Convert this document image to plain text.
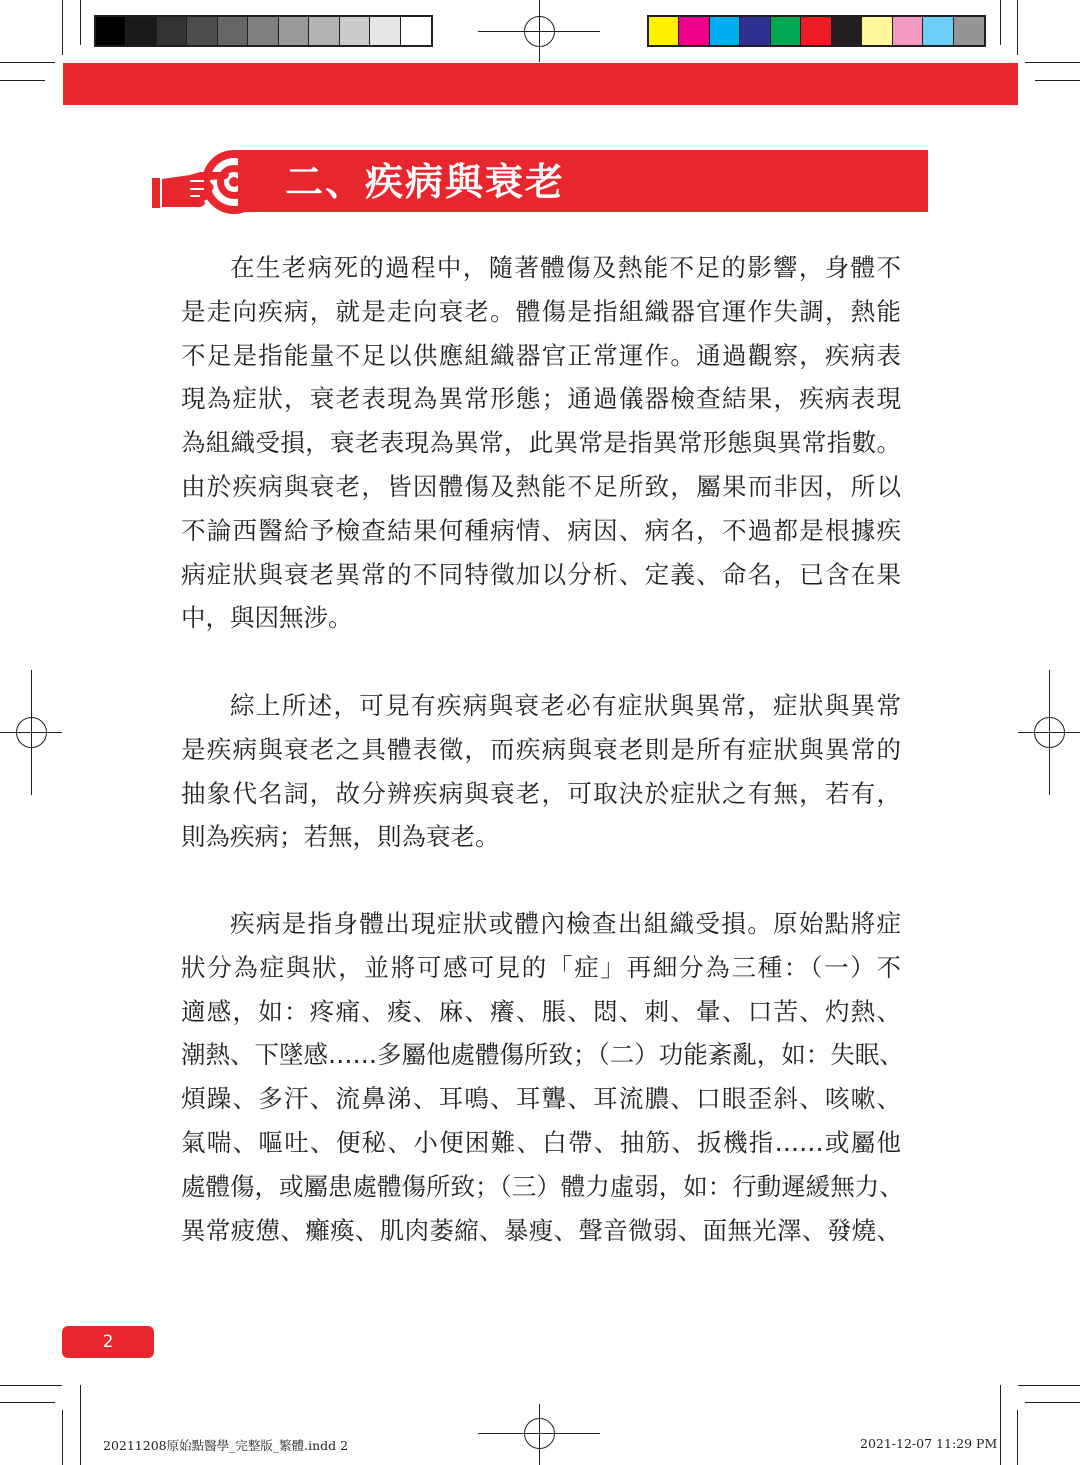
二、疾病與衰老
在生老病死的過程中，隨著體傷及熱能不足的影響，身體不
是走向疾病，就是走向衰老。體傷是指組織器官運作失調，熱能
不足是指能量不足以供應組織器官正常運作。通過觀察，疾病表
現為症狀，衰老表現為異常形態；通過儀器檢查結果，疾病表現
為組織受損，衰老表現為異常，此異常是指異常形態與異常指數。
由於疾病與衰老，皆因體傷及熱能不足所致，屬果而非因，所以
不論西醫給予檢查結果何種病情、病因、病名，不過都是根據疾
病症狀與衰老異常的不同特徵加以分析、定義、命名，已含在果
中，與因無涉。
綜上所述，可見有疾病與衰老必有症狀與異常，症狀與異常
是疾病與衰老之具體表徵，而疾病與衰老則是所有症狀與異常的
抽象代名詞，故分辨疾病與衰老，可取決於症狀之有無，若有，
則為疾病；若無，則為衰老。
疾病是指身體出現症狀或體內檢查出組織受損。原始點將症
狀分為症與狀，並將可感可見的「症」再細分為三種：（一）不
適感，如：疼痛、痠、麻、癢、脹、悶、刺、暈、口苦、灼熱、
潮熱、下墜感……多屬他處體傷所致；（二）功能紊亂，如：失眠、
煩躁、多汗、流鼻涕、耳鳴、耳聾、耳流膿、口眼歪斜、咳嗽、
氣喘、嘔吐、便秘、小便困難、白帶、抽筋、扳機指……或屬他
處體傷，或屬患處體傷所致；（三）體力虛弱，如：行動遲緩無力、
異常疲憊、癱瘓、肌肉萎縮、暴瘦、聲音微弱、面無光澤、發燒、
2
20211208原始點醫學_完整版_繁體.indd 2	2021-12-07 11:29 PM
